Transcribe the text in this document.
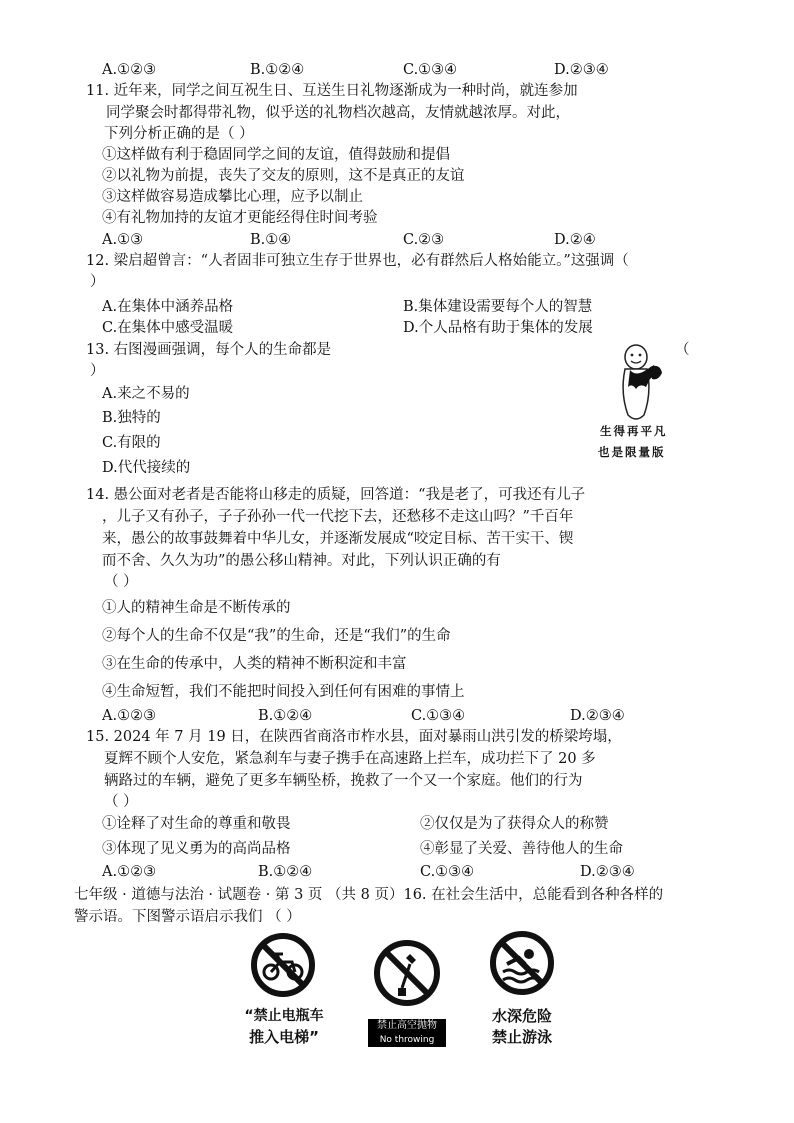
A.①②③	B.①②④	C.①③④	D.②③④
11. 近年来，同学之间互祝生日、互送生日礼物逐渐成为一种时尚，就连参加
同学聚会时都得带礼物，似乎送的礼物档次越高，友情就越浓厚。对此，
下列分析正确的是（ ）
①这样做有利于稳固同学之间的友谊，值得鼓励和提倡
②以礼物为前提，丧失了交友的原则，这不是真正的友谊
③这样做容易造成攀比心理，应予以制止
④有礼物加持的友谊才更能经得住时间考验
A.①③	B.①④	C.②③	D.②④
12. 梁启超曾言：“人者固非可独立生存于世界也，必有群然后人格始能立。”这强调（
）
A.在集体中涵养品格	B.集体建设需要每个人的智慧
C.在集体中感受温暖	D.个人品格有助于集体的发展
13. 右图漫画强调，每个人的生命都是	（
）
A.来之不易的
B.独特的
C.有限的
D.代代接续的
生得再平凡
也是限量版
14. 愚公面对老者是否能将山移走的质疑，回答道：“我是老了，可我还有儿子
，儿子又有孙子，子子孙孙一代一代挖下去，还愁移不走这山吗？”千百年
来，愚公的故事鼓舞着中华儿女，并逐渐发展成“咬定目标、苦干实干、锲
而不舍、久久为功”的愚公移山精神。对此，下列认识正确的有
（ ）
①人的精神生命是不断传承的
②每个人的生命不仅是“我”的生命，还是“我们”的生命
③在生命的传承中，人类的精神不断积淀和丰富
④生命短暂，我们不能把时间投入到任何有困难的事情上
A.①②③	B.①②④	C.①③④	D.②③④
15. 2024 年 7 月 19 日，在陕西省商洛市柞水县，面对暴雨山洪引发的桥梁垮塌，
夏辉不顾个人安危，紧急刹车与妻子携手在高速路上拦车，成功拦下了 20 多
辆路过的车辆，避免了更多车辆坠桥，挽救了一个又一个家庭。他们的行为
（ ）
①诠释了对生命的尊重和敬畏	②仅仅是为了获得众人的称赞
③体现了见义勇为的高尚品格	④彰显了关爱、善待他人的生命
A.①②③	B.①②④	C.①③④	D.②③④
七年级 · 道德与法治 · 试题卷 · 第 3 页 （共 8 页）16. 在社会生活中，总能看到各种各样的
警示语。下图警示语启示我们 （ ）
“禁止电瓶车
推入电梯”
禁止高空抛物
No throwing
水深危险
禁止游泳
